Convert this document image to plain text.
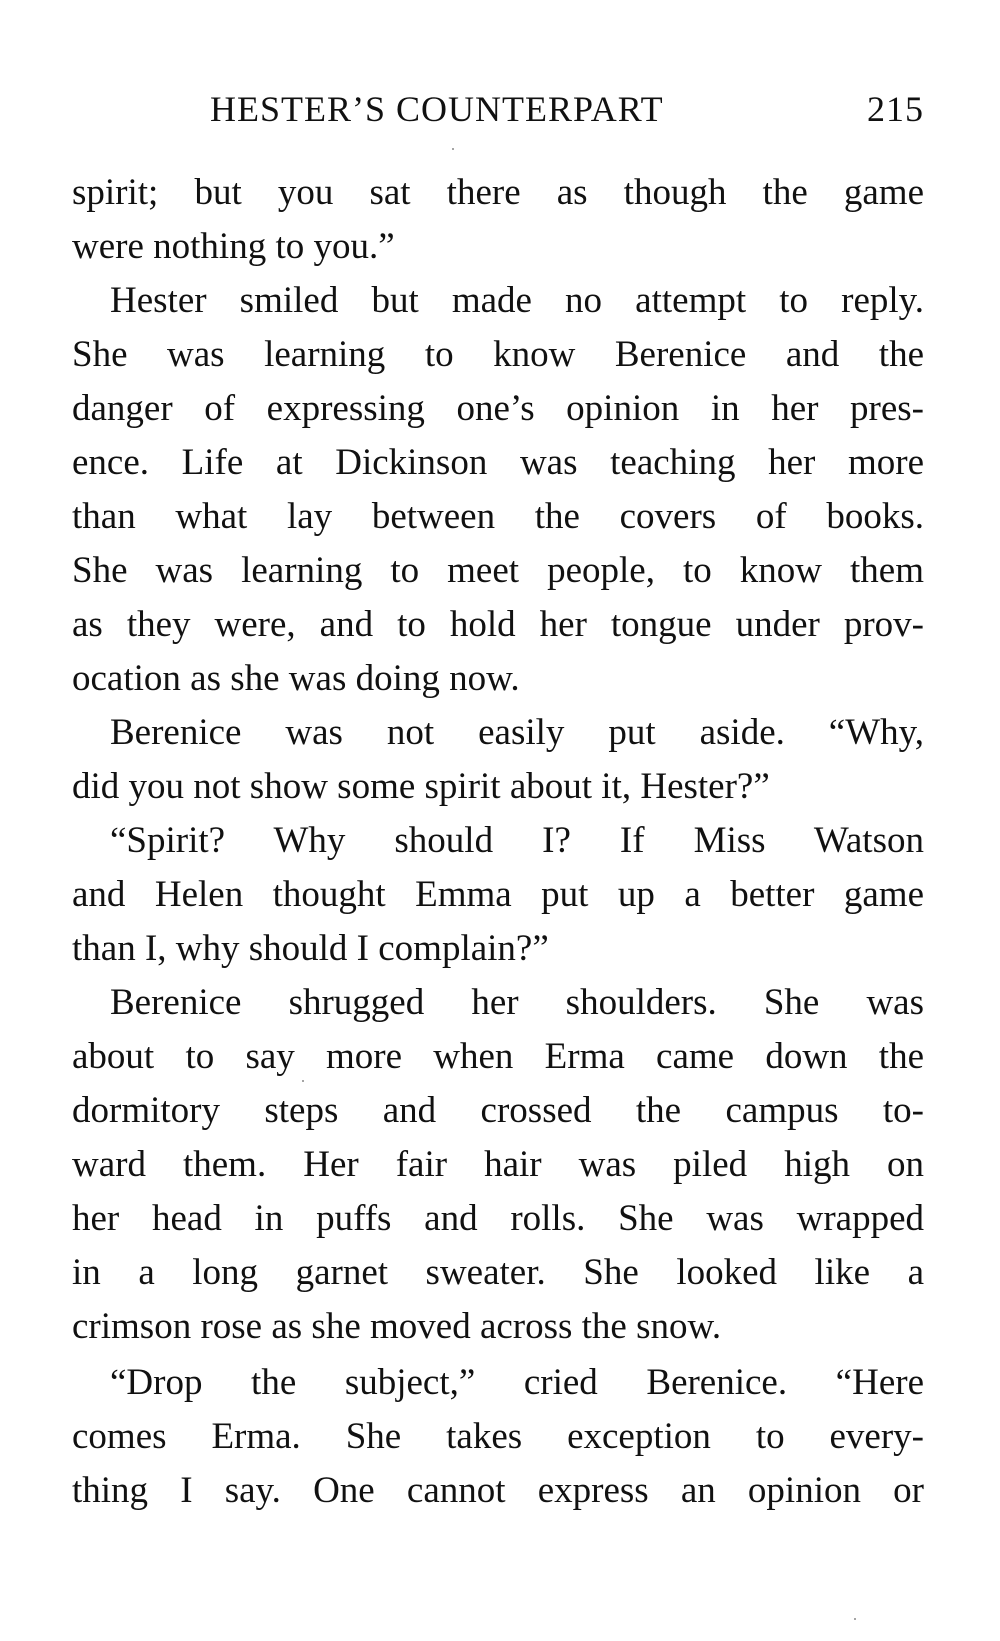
HESTER’S COUNTERPART	215
spirit; but you sat there as though the game
were nothing to you.”
Hester smiled but made no attempt to reply.
She was learning to know Berenice and the
danger of expressing one’s opinion in her pres-
ence. Life at Dickinson was teaching her more
than what lay between the covers of books.
She was learning to meet people, to know them
as they were, and to hold her tongue under prov-
ocation as she was doing now.
Berenice was not easily put aside. “Why,
did you not show some spirit about it, Hester?”
“Spirit? Why should I? If Miss Watson
and Helen thought Emma put up a better game
than I, why should I complain?”
Berenice shrugged her shoulders. She was
about to say more when Erma came down the
dormitory steps and crossed the campus to-
ward them. Her fair hair was piled high on
her head in puffs and rolls. She was wrapped
in a long garnet sweater. She looked like a
crimson rose as she moved across the snow.
“Drop the subject,” cried Berenice. “Here
comes Erma. She takes exception to every-
thing I say. One cannot express an opinion or
